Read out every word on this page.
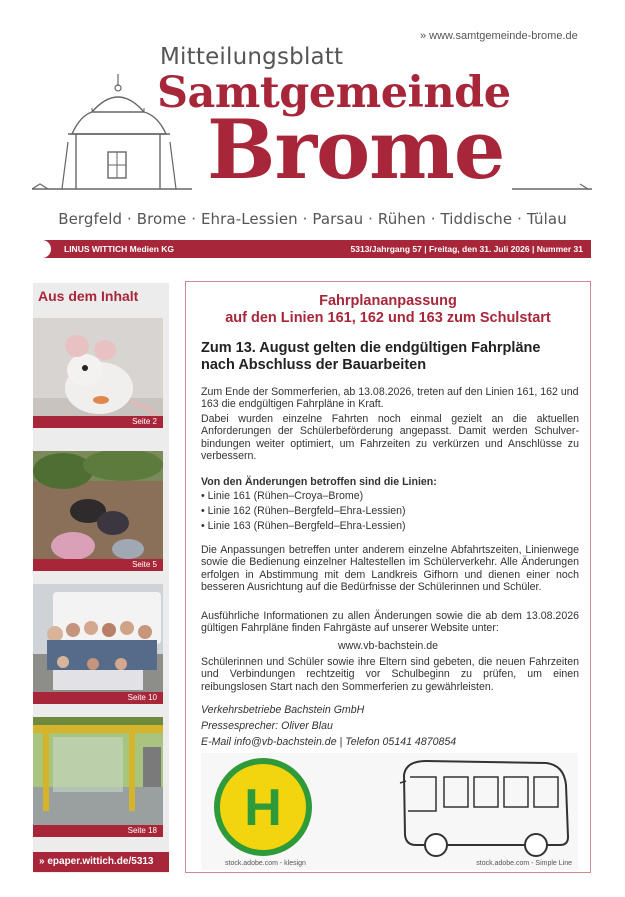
» www.samtgemeinde-brome.de
Mitteilungsblatt
Samtgemeinde
Brome
Bergfeld · Brome · Ehra-Lessien · Parsau · Rühen · Tiddische · Tülau
LINUS WITTICH Medien KG	5313/Jahrgang 57 | Freitag, den 31. Juli 2026 | Nummer 31
Aus dem Inhalt
Seite 2
Seite 5
Seite 10
Seite 18
» epaper.wittich.de/5313
Fahrplananpassung
auf den Linien 161, 162 und 163 zum Schulstart
Zum 13. August gelten die endgültigen Fahrpläne
nach Abschluss der Bauarbeiten
Zum Ende der Sommerferien, ab 13.08.2026, treten auf den Linien 161, 162 und 163 die endgültigen Fahrpläne in Kraft.
Dabei wurden einzelne Fahrten noch einmal gezielt an die aktuellen Anforderungen der Schülerbeförderung angepasst. Damit werden Schulver-bindungen weiter optimiert, um Fahrzeiten zu verkürzen und Anschlüsse zu verbessern.
Von den Änderungen betroffen sind die Linien:
• Linie 161 (Rühen–Croya–Brome)
• Linie 162 (Rühen–Bergfeld–Ehra-Lessien)
• Linie 163 (Rühen–Bergfeld–Ehra-Lessien)
Die Anpassungen betreffen unter anderem einzelne Abfahrtszeiten, Linienwege sowie die Bedienung einzelner Haltestellen im Schülerverkehr. Alle Änderungen erfolgen in Abstimmung mit dem Landkreis Gifhorn und dienen einer noch besseren Ausrichtung auf die Bedürfnisse der Schülerinnen und Schüler.
Ausführliche Informationen zu allen Änderungen sowie die ab dem 13.08.2026 gültigen Fahrpläne finden Fahrgäste auf unserer Website unter:
www.vb-bachstein.de
Schülerinnen und Schüler sowie ihre Eltern sind gebeten, die neuen Fahrzeiten und Verbindungen rechtzeitig vor Schulbeginn zu prüfen, um einen reibungslosen Start nach den Sommerferien zu gewährleisten.
Verkehrsbetriebe Bachstein GmbH
Pressesprecher: Oliver Blau
E-Mail info@vb-bachstein.de | Telefon 05141 4870854
H
stock.adobe.com - klesign	stock.adobe.com - Simple Line
